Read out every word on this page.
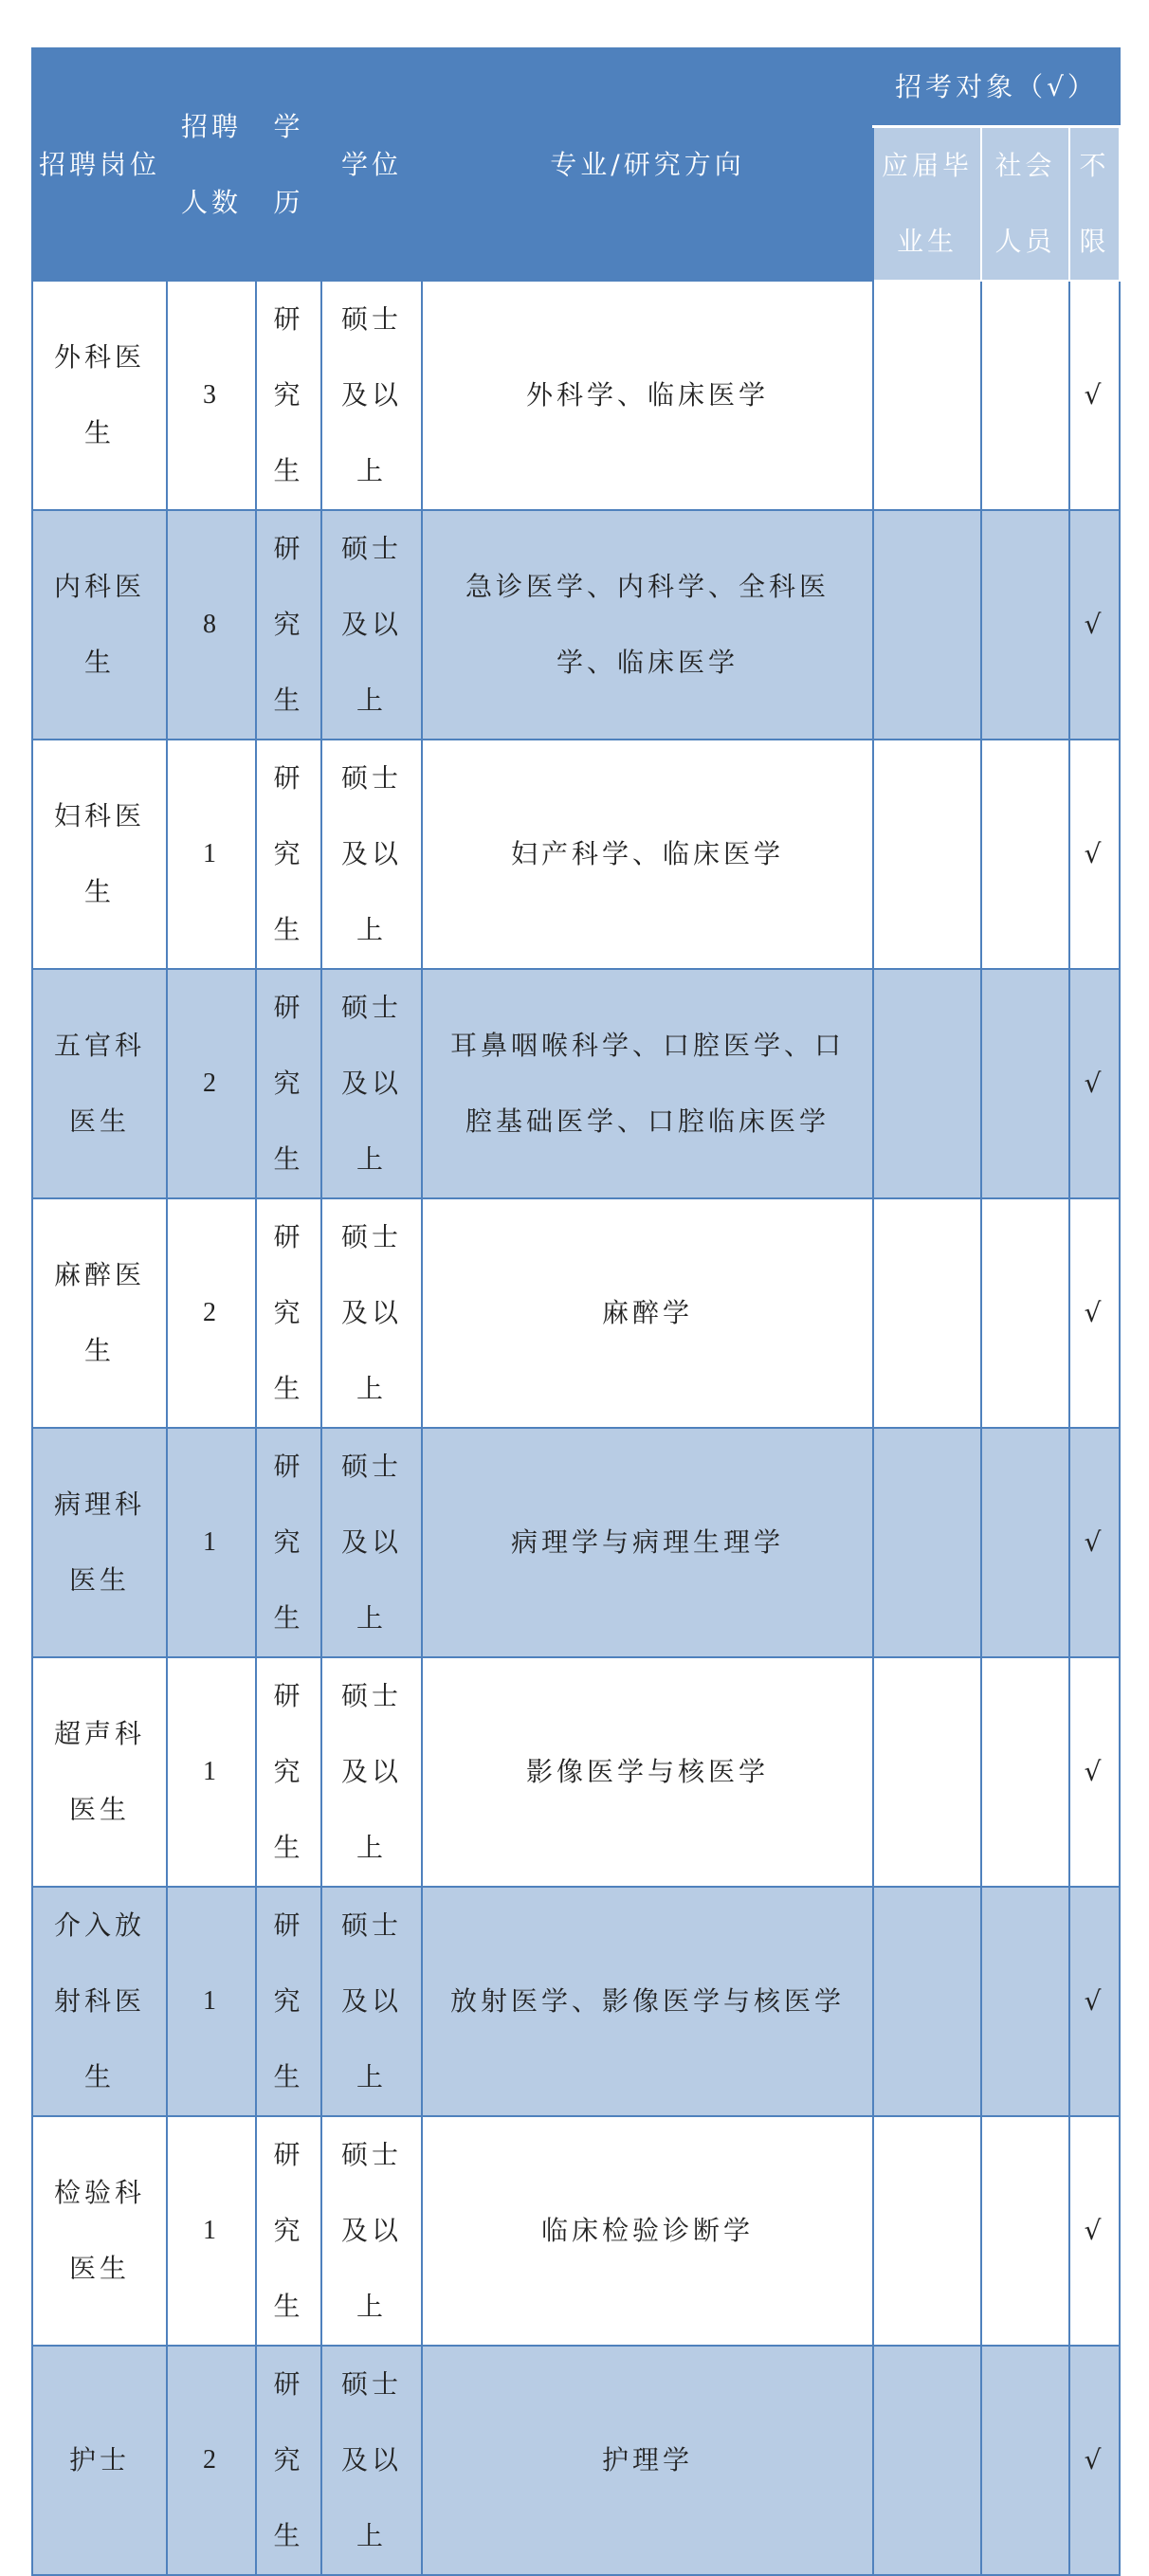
招聘岗位	招聘人数	学历	学位	专业/研究方向	招考对象（√）		
					应届毕业生	社会人员	不限
外科医生	3	研究生	硕士及以上	外科学、临床医学			√
内科医生	8	研究生	硕士及以上	急诊医学、内科学、全科医学、临床医学			√
妇科医生	1	研究生	硕士及以上	妇产科学、临床医学			√
五官科医生	2	研究生	硕士及以上	耳鼻咽喉科学、口腔医学、口腔基础医学、口腔临床医学			√
麻醉医生	2	研究生	硕士及以上	麻醉学			√
病理科医生	1	研究生	硕士及以上	病理学与病理生理学			√
超声科医生	1	研究生	硕士及以上	影像医学与核医学			√
介入放射科医生	1	研究生	硕士及以上	放射医学、影像医学与核医学			√
检验科医生	1	研究生	硕士及以上	临床检验诊断学			√
护士	2	研究生	硕士及以上	护理学			√
